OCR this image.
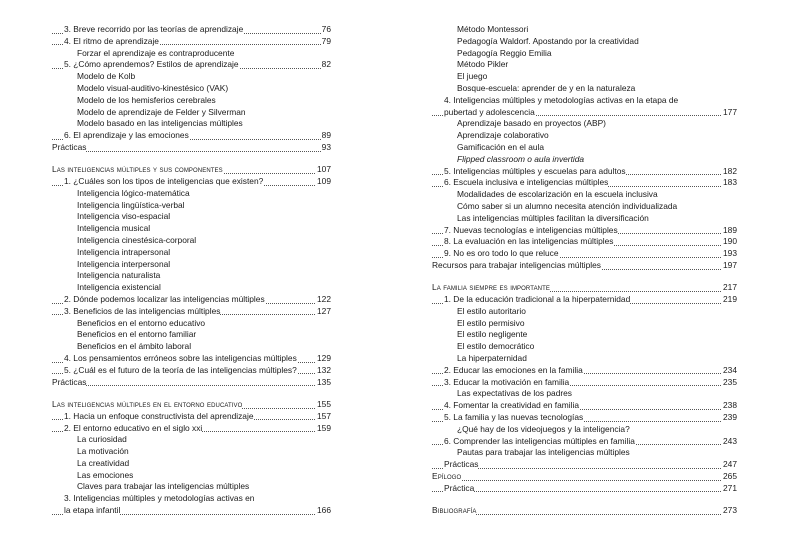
3. Breve recorrido por las teorías de aprendizaje	76
4. El ritmo de aprendizaje	79
Forzar el aprendizaje es contraproducente
5. ¿Cómo aprendemos? Estilos de aprendizaje	82
Modelo de Kolb
Modelo visual-auditivo-kinestésico (VAK)
Modelo de los hemisferios cerebrales
Modelo de aprendizaje de Felder y Silverman
Modelo basado en las inteligencias múltiples
6. El aprendizaje y las emociones	89
Prácticas	93
Las inteligencias múltiples y sus componentes	107
1. ¿Cuáles son los tipos de inteligencias que existen?	109
Inteligencia lógico-matemática
Inteligencia lingüística-verbal
Inteligencia viso-espacial
Inteligencia musical
Inteligencia cinestésica-corporal
Inteligencia intrapersonal
Inteligencia interpersonal
Inteligencia naturalista
Inteligencia existencial
2. Dónde podemos localizar las inteligencias múltiples	122
3. Beneficios de las inteligencias múltiples	127
Beneficios en el entorno educativo
Beneficios en el entorno familiar
Beneficios en el ámbito laboral
4. Los pensamientos erróneos sobre las inteligencias múltiples 129
5. ¿Cuál es el futuro de la teoría de las inteligencias múltiples? 132
Prácticas	135
Las inteligencias múltiples en el entorno educativo	155
1. Hacia un enfoque constructivista del aprendizaje	157
2. El entorno educativo en el siglo xxi	159
La curiosidad
La motivación
La creatividad
Las emociones
Claves para trabajar las inteligencias múltiples
3. Inteligencias múltiples y metodologías activas en
la etapa infantil	166
Método Montessori
Pedagogía Waldorf. Apostando por la creatividad
Pedagogía Reggio Emilia
Método Pikler
El juego
Bosque-escuela: aprender de y en la naturaleza
4. Inteligencias múltiples y metodologías activas en la etapa de
pubertad y adolescencia	177
Aprendizaje basado en proyectos (ABP)
Aprendizaje colaborativo
Gamificación en el aula
Flipped classroom o aula invertida
5. Inteligencias múltiples y escuelas para adultos	182
6. Escuela inclusiva e inteligencias múltiples	183
Modalidades de escolarización en la escuela inclusiva
Cómo saber si un alumno necesita atención individualizada
Las inteligencias múltiples facilitan la diversificación
7. Nuevas tecnologías e inteligencias múltiples	189
8. La evaluación en las inteligencias múltiples	190
9. No es oro todo lo que reluce	193
Recursos para trabajar inteligencias múltiples	197
La familia siempre es importante	217
1. De la educación tradicional a la hiperpaternidad	219
El estilo autoritario
El estilo permisivo
El estilo negligente
El estilo democrático
La hiperpaternidad
2. Educar las emociones en la familia	234
3. Educar la motivación en familia	235
Las expectativas de los padres
4. Fomentar la creatividad en familia	238
5. La familia y las nuevas tecnologías	239
¿Qué hay de los videojuegos y la inteligencia?
6. Comprender las inteligencias múltiples en familia	243
Pautas para trabajar las inteligencias múltiples
Prácticas	247
Epílogo	265
Práctica	271
Bibliografía	273
